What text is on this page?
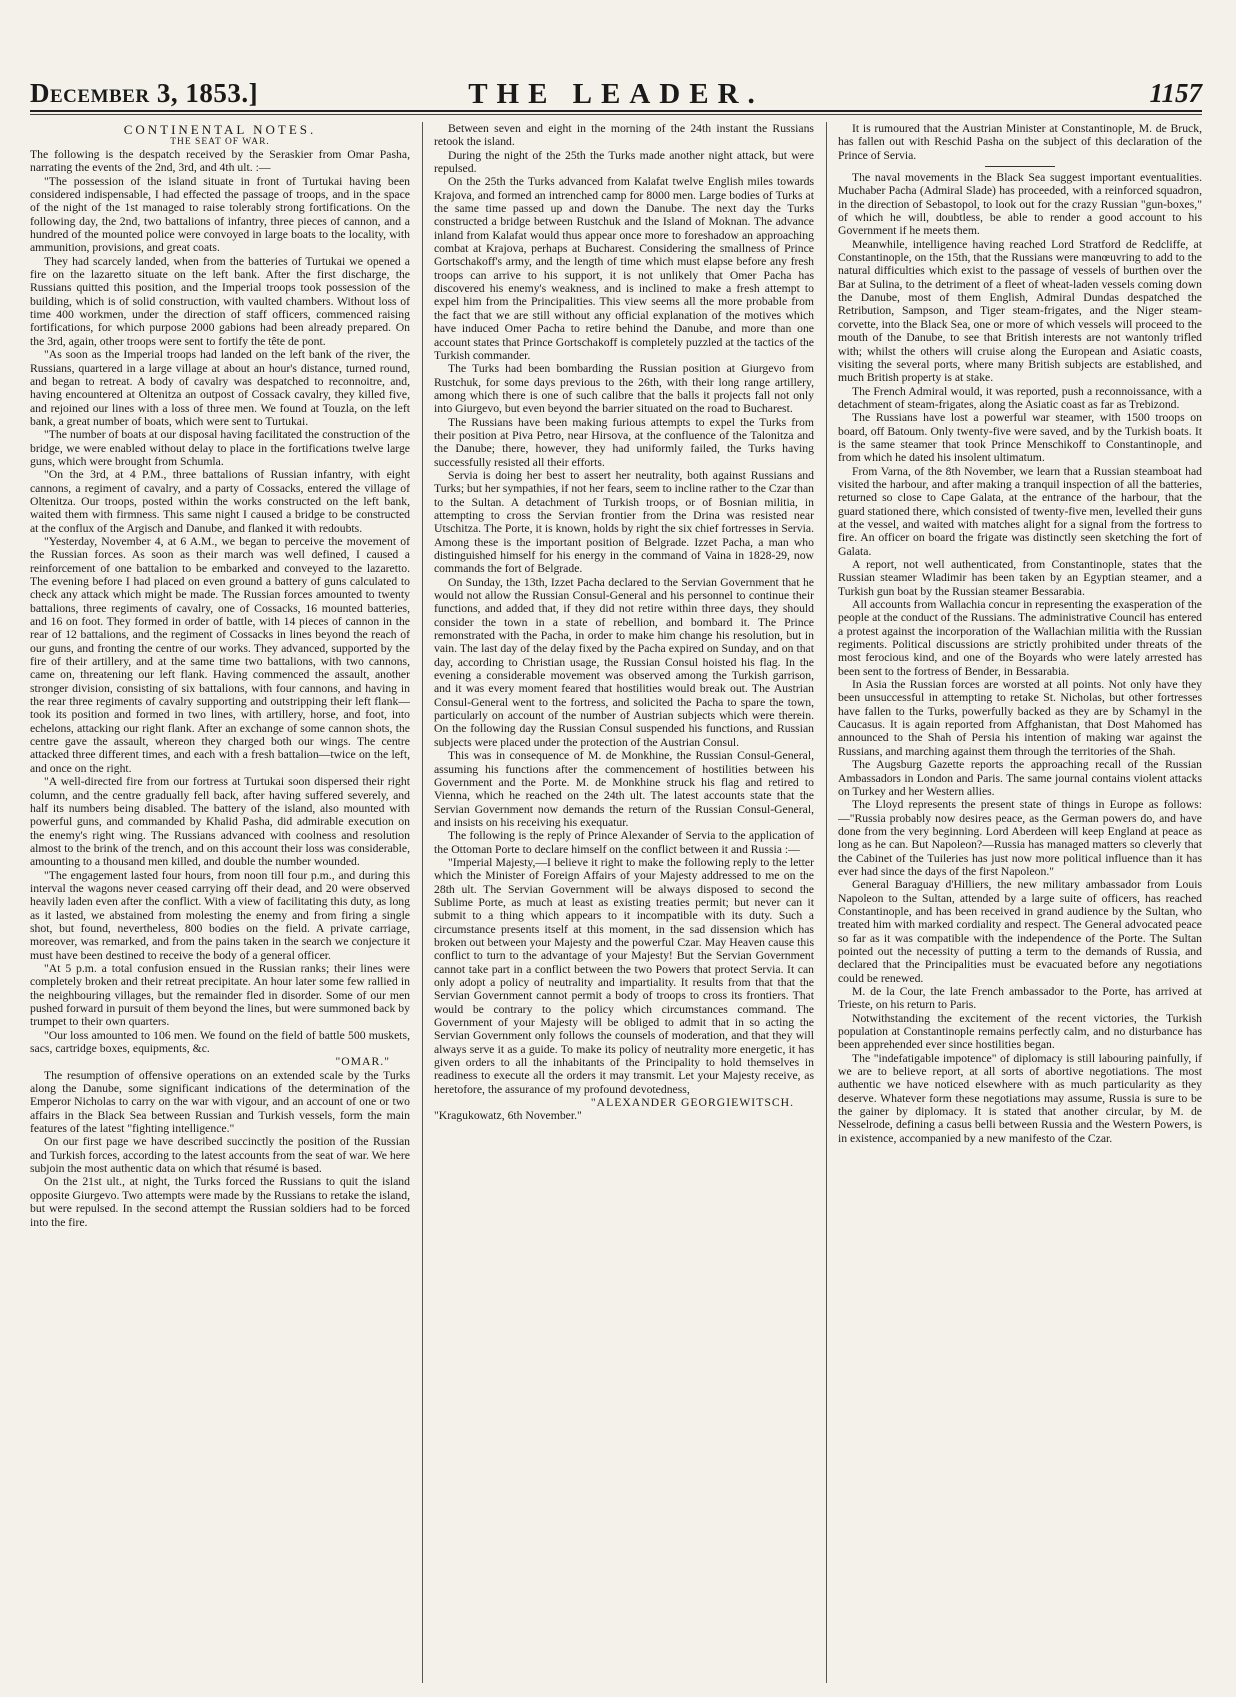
December 3, 1853.]	THE LEADER.	1157

CONTINENTAL NOTES.

THE SEAT OF WAR.

The following is the despatch received by the Seraskier from Omar Pasha, narrating the events of the 2nd, 3rd, and 4th ult. :—

"The possession of the island situate in front of Turtukai having been considered indispensable, I had effected the passage of troops, and in the space of the night of the 1st managed to raise tolerably strong fortifications. On the following day, the 2nd, two battalions of infantry, three pieces of cannon, and a hundred of the mounted police were convoyed in large boats to the locality, with ammunition, provisions, and great coats.

They had scarcely landed, when from the batteries of Turtukai we opened a fire on the lazaretto situate on the left bank. After the first discharge, the Russians quitted this position, and the Imperial troops took possession of the building, which is of solid construction, with vaulted chambers. Without loss of time 400 workmen, under the direction of staff officers, commenced raising fortifications, for which purpose 2000 gabions had been already prepared. On the 3rd, again, other troops were sent to fortify the tête de pont.

"As soon as the Imperial troops had landed on the left bank of the river, the Russians, quartered in a large village at about an hour's distance, turned round, and began to retreat. A body of cavalry was despatched to reconnoitre, and, having encountered at Oltenitza an outpost of Cossack cavalry, they killed five, and rejoined our lines with a loss of three men. We found at Touzla, on the left bank, a great number of boats, which were sent to Turtukai.

"The number of boats at our disposal having facilitated the construction of the bridge, we were enabled without delay to place in the fortifications twelve large guns, which were brought from Schumla.

"On the 3rd, at 4 P.M., three battalions of Russian infantry, with eight cannons, a regiment of cavalry, and a party of Cossacks, entered the village of Oltenitza. Our troops, posted within the works constructed on the left bank, waited them with firmness. This same night I caused a bridge to be constructed at the conflux of the Argisch and Danube, and flanked it with redoubts.

"Yesterday, November 4, at 6 A.M., we began to perceive the movement of the Russian forces. As soon as their march was well defined, I caused a reinforcement of one battalion to be embarked and conveyed to the lazaretto. The evening before I had placed on even ground a battery of guns calculated to check any attack which might be made. The Russian forces amounted to twenty battalions, three regiments of cavalry, one of Cossacks, 16 mounted batteries, and 16 on foot. They formed in order of battle, with 14 pieces of cannon in the rear of 12 battalions, and the regiment of Cossacks in lines beyond the reach of our guns, and fronting the centre of our works. They advanced, supported by the fire of their artillery, and at the same time two battalions, with two cannons, came on, threatening our left flank. Having commenced the assault, another stronger division, consisting of six battalions, with four cannons, and having in the rear three regiments of cavalry supporting and outstripping their left flank—took its position and formed in two lines, with artillery, horse, and foot, into echelons, attacking our right flank. After an exchange of some cannon shots, the centre gave the assault, whereon they charged both our wings. The centre attacked three different times, and each with a fresh battalion—twice on the left, and once on the right.

"A well-directed fire from our fortress at Turtukai soon dispersed their right column, and the centre gradually fell back, after having suffered severely, and half its numbers being disabled. The battery of the island, also mounted with powerful guns, and commanded by Khalid Pasha, did admirable execution on the enemy's right wing. The Russians advanced with coolness and resolution almost to the brink of the trench, and on this account their loss was considerable, amounting to a thousand men killed, and double the number wounded.

"The engagement lasted four hours, from noon till four p.m., and during this interval the wagons never ceased carrying off their dead, and 20 were observed heavily laden even after the conflict. With a view of facilitating this duty, as long as it lasted, we abstained from molesting the enemy and from firing a single shot, but found, nevertheless, 800 bodies on the field. A private carriage, moreover, was remarked, and from the pains taken in the search we conjecture it must have been destined to receive the body of a general officer.

"At 5 p.m. a total confusion ensued in the Russian ranks; their lines were completely broken and their retreat precipitate. An hour later some few rallied in the neighbouring villages, but the remainder fled in disorder. Some of our men pushed forward in pursuit of them beyond the lines, but were summoned back by trumpet to their own quarters.

"Our loss amounted to 106 men. We found on the field of battle 500 muskets, sacs, cartridge boxes, equipments, &c.

"OMAR."

The resumption of offensive operations on an extended scale by the Turks along the Danube, some significant indications of the determination of the Emperor Nicholas to carry on the war with vigour, and an account of one or two affairs in the Black Sea between Russian and Turkish vessels, form the main features of the latest "fighting intelligence."

On our first page we have described succinctly the position of the Russian and Turkish forces, according to the latest accounts from the seat of war. We here subjoin the most authentic data on which that résumé is based.

On the 21st ult., at night, the Turks forced the Russians to quit the island opposite Giurgevo. Two attempts were made by the Russians to retake the island, but were repulsed. In the second attempt the Russian soldiers had to be forced into the fire.

Between seven and eight in the morning of the 24th instant the Russians retook the island.

During the night of the 25th the Turks made another night attack, but were repulsed.

On the 25th the Turks advanced from Kalafat twelve English miles towards Krajova, and formed an intrenched camp for 8000 men. Large bodies of Turks at the same time passed up and down the Danube. The next day the Turks constructed a bridge between Rustchuk and the Island of Moknan. The advance inland from Kalafat would thus appear once more to foreshadow an approaching combat at Krajova, perhaps at Bucharest. Considering the smallness of Prince Gortschakoff's army, and the length of time which must elapse before any fresh troops can arrive to his support, it is not unlikely that Omer Pacha has discovered his enemy's weakness, and is inclined to make a fresh attempt to expel him from the Principalities. This view seems all the more probable from the fact that we are still without any official explanation of the motives which have induced Omer Pacha to retire behind the Danube, and more than one account states that Prince Gortschakoff is completely puzzled at the tactics of the Turkish commander.

The Turks had been bombarding the Russian position at Giurgevo from Rustchuk, for some days previous to the 26th, with their long range artillery, among which there is one of such calibre that the balls it projects fall not only into Giurgevo, but even beyond the barrier situated on the road to Bucharest.

The Russians have been making furious attempts to expel the Turks from their position at Piva Petro, near Hirsova, at the confluence of the Talonitza and the Danube; there, however, they had uniformly failed, the Turks having successfully resisted all their efforts.

Servia is doing her best to assert her neutrality, both against Russians and Turks; but her sympathies, if not her fears, seem to incline rather to the Czar than to the Sultan. A detachment of Turkish troops, or of Bosnian militia, in attempting to cross the Servian frontier from the Drina was resisted near Utschitza. The Porte, it is known, holds by right the six chief fortresses in Servia. Among these is the important position of Belgrade. Izzet Pacha, a man who distinguished himself for his energy in the command of Vaina in 1828-29, now commands the fort of Belgrade.

On Sunday, the 13th, Izzet Pacha declared to the Servian Government that he would not allow the Russian Consul-General and his personnel to continue their functions, and added that, if they did not retire within three days, they should consider the town in a state of rebellion, and bombard it. The Prince remonstrated with the Pacha, in order to make him change his resolution, but in vain. The last day of the delay fixed by the Pacha expired on Sunday, and on that day, according to Christian usage, the Russian Consul hoisted his flag. In the evening a considerable movement was observed among the Turkish garrison, and it was every moment feared that hostilities would break out. The Austrian Consul-General went to the fortress, and solicited the Pacha to spare the town, particularly on account of the number of Austrian subjects which were therein. On the following day the Russian Consul suspended his functions, and Russian subjects were placed under the protection of the Austrian Consul.

This was in consequence of M. de Monkhine, the Russian Consul-General, assuming his functions after the commencement of hostilities between his Government and the Porte. M. de Monkhine struck his flag and retired to Vienna, which he reached on the 24th ult. The latest accounts state that the Servian Government now demands the return of the Russian Consul-General, and insists on his receiving his exequatur.

The following is the reply of Prince Alexander of Servia to the application of the Ottoman Porte to declare himself on the conflict between it and Russia :—

"Imperial Majesty,—I believe it right to make the following reply to the letter which the Minister of Foreign Affairs of your Majesty addressed to me on the 28th ult. The Servian Government will be always disposed to second the Sublime Porte, as much at least as existing treaties permit; but never can it submit to a thing which appears to it incompatible with its duty. Such a circumstance presents itself at this moment, in the sad dissension which has broken out between your Majesty and the powerful Czar. May Heaven cause this conflict to turn to the advantage of your Majesty! But the Servian Government cannot take part in a conflict between the two Powers that protect Servia. It can only adopt a policy of neutrality and impartiality. It results from that that the Servian Government cannot permit a body of troops to cross its frontiers. That would be contrary to the policy which circumstances command. The Government of your Majesty will be obliged to admit that in so acting the Servian Government only follows the counsels of moderation, and that they will always serve it as a guide. To make its policy of neutrality more energetic, it has given orders to all the inhabitants of the Principality to hold themselves in readiness to execute all the orders it may transmit. Let your Majesty receive, as heretofore, the assurance of my profound devotedness,

"ALEXANDER GEORGIEWITSCH.

"Kragukowatz, 6th November."

It is rumoured that the Austrian Minister at Constantinople, M. de Bruck, has fallen out with Reschid Pasha on the subject of this declaration of the Prince of Servia.

The naval movements in the Black Sea suggest important eventualities. Muchaber Pacha (Admiral Slade) has proceeded, with a reinforced squadron, in the direction of Sebastopol, to look out for the crazy Russian "gun-boxes," of which he will, doubtless, be able to render a good account to his Government if he meets them.

Meanwhile, intelligence having reached Lord Stratford de Redcliffe, at Constantinople, on the 15th, that the Russians were manœuvring to add to the natural difficulties which exist to the passage of vessels of burthen over the Bar at Sulina, to the detriment of a fleet of wheat-laden vessels coming down the Danube, most of them English, Admiral Dundas despatched the Retribution, Sampson, and Tiger steam-frigates, and the Niger steam-corvette, into the Black Sea, one or more of which vessels will proceed to the mouth of the Danube, to see that British interests are not wantonly trifled with; whilst the others will cruise along the European and Asiatic coasts, visiting the several ports, where many British subjects are established, and much British property is at stake.

The French Admiral would, it was reported, push a reconnoissance, with a detachment of steam-frigates, along the Asiatic coast as far as Trebizond.

The Russians have lost a powerful war steamer, with 1500 troops on board, off Batoum. Only twenty-five were saved, and by the Turkish boats. It is the same steamer that took Prince Menschikoff to Constantinople, and from which he dated his insolent ultimatum.

From Varna, of the 8th November, we learn that a Russian steamboat had visited the harbour, and after making a tranquil inspection of all the batteries, returned so close to Cape Galata, at the entrance of the harbour, that the guard stationed there, which consisted of twenty-five men, levelled their guns at the vessel, and waited with matches alight for a signal from the fortress to fire. An officer on board the frigate was distinctly seen sketching the fort of Galata.

A report, not well authenticated, from Constantinople, states that the Russian steamer Wladimir has been taken by an Egyptian steamer, and a Turkish gun boat by the Russian steamer Bessarabia.

All accounts from Wallachia concur in representing the exasperation of the people at the conduct of the Russians. The administrative Council has entered a protest against the incorporation of the Wallachian militia with the Russian regiments. Political discussions are strictly prohibited under threats of the most ferocious kind, and one of the Boyards who were lately arrested has been sent to the fortress of Bender, in Bessarabia.

In Asia the Russian forces are worsted at all points. Not only have they been unsuccessful in attempting to retake St. Nicholas, but other fortresses have fallen to the Turks, powerfully backed as they are by Schamyl in the Caucasus. It is again reported from Affghanistan, that Dost Mahomed has announced to the Shah of Persia his intention of making war against the Russians, and marching against them through the territories of the Shah.

The Augsburg Gazette reports the approaching recall of the Russian Ambassadors in London and Paris. The same journal contains violent attacks on Turkey and her Western allies.

The Lloyd represents the present state of things in Europe as follows:—"Russia probably now desires peace, as the German powers do, and have done from the very beginning. Lord Aberdeen will keep England at peace as long as he can. But Napoleon?—Russia has managed matters so cleverly that the Cabinet of the Tuileries has just now more political influence than it has ever had since the days of the first Napoleon."

General Baraguay d'Hilliers, the new military ambassador from Louis Napoleon to the Sultan, attended by a large suite of officers, has reached Constantinople, and has been received in grand audience by the Sultan, who treated him with marked cordiality and respect. The General advocated peace so far as it was compatible with the independence of the Porte. The Sultan pointed out the necessity of putting a term to the demands of Russia, and declared that the Principalities must be evacuated before any negotiations could be renewed.

M. de la Cour, the late French ambassador to the Porte, has arrived at Trieste, on his return to Paris.

Notwithstanding the excitement of the recent victories, the Turkish population at Constantinople remains perfectly calm, and no disturbance has been apprehended ever since hostilities began.

The "indefatigable impotence" of diplomacy is still labouring painfully, if we are to believe report, at all sorts of abortive negotiations. The most authentic we have noticed elsewhere with as much particularity as they deserve. Whatever form these negotiations may assume, Russia is sure to be the gainer by diplomacy. It is stated that another circular, by M. de Nesselrode, defining a casus belli between Russia and the Western Powers, is in existence, accompanied by a new manifesto of the Czar.
